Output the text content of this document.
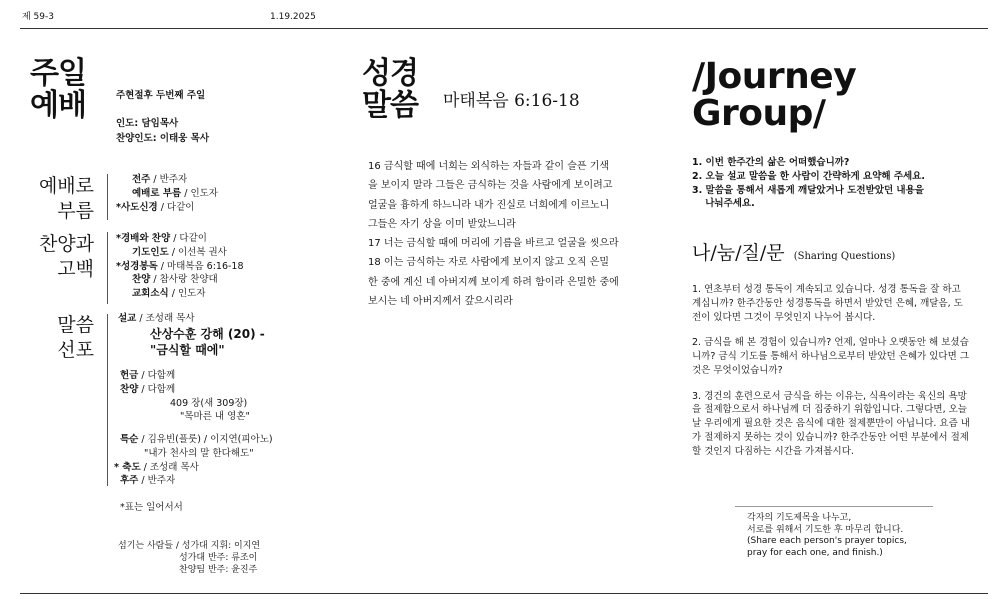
제 59-3	1.19.2025
주일
예배	주현절후 두번째 주일
인도: 담임목사
찬양인도: 이태웅 목사
예배로
부름
전주 / 반주자
예배로 부름 / 인도자
*사도신경 / 다같이
찬양과
고백
*경배와 찬양 / 다같이
기도인도 / 이선복 권사
*성경봉독 / 마태복음 6:16-18
찬양 / 참사랑 찬양대
교회소식 / 인도자
말씀
선포
설교 / 조성래 목사
산상수훈 강해 (20) -
"금식할 때에"
헌금 / 다함께
찬양 / 다함께
409 장(새 309장)
"목마른 내 영혼"
특순 / 김유빈(플룻) / 이지연(피아노)
"내가 천사의 말 한다해도"
* 축도 / 조성래 목사
후주 / 반주자
*표는 일어서서
섬기는 사람들 / 성가대 지휘: 이지연
성가대 반주: 류조이
찬양팀 반주: 윤진주
성경
말씀 마태복음 6:16-18

16 금식할 때에 너희는 외식하는 자들과 같이 슬픈 기색

을 보이지 말라 그들은 금식하는 것을 사람에게 보이려고

얼굴을 흉하게 하느니라 내가 진실로 너희에게 이르노니

그들은 자기 상을 이미 받았느니라

17 너는 금식할 때에 머리에 기름을 바르고 얼굴을 씻으라

18 이는 금식하는 자로 사람에게 보이지 않고 오직 은밀

한 중에 계신 네 아버지께 보이게 하려 함이라 은밀한 중에

보시는 네 아버지께서 갚으시리라

/Journey
Group/
1. 이번 한주간의 삶은 어떠했습니까?
2. 오늘 설교 말씀을 한 사람이 간략하게 요약해 주세요.
3. 말씀을 통해서 새롭게 깨달았거나 도전받았던 내용을
나눠주세요.
나/눔/질/문 (Sharing Questions)

1. 연초부터 성경 통독이 계속되고 있습니다. 성경 통독을 잘 하고 계십니까? 한주간동안 성경통독을 하면서 받았던 은혜, 깨달음, 도전이 있다면 그것이 무엇인지 나누어 봅시다.

2. 금식을 해 본 경험이 있습니까? 언제, 얼마나 오랫동안 해 보셨습니까? 금식 기도를 통해서 하나님으로부터 받았던 은혜가 있다면 그것은 무엇이었습니까?

3. 경건의 훈련으로서 금식을 하는 이유는, 식욕이라는 육신의 욕망을 절제함으로서 하나님께 더 집중하기 위함입니다. 그렇다면, 오늘날 우리에게 필요한 것은 음식에 대한 절제뿐만이 아닙니다. 요즘 내가 절제하지 못하는 것이 있습니까? 한주간동안 어떤 부분에서 절제할 것인지 다짐하는 시간을 가져봅시다.

각자의 기도제목을 나누고,
서로를 위해서 기도한 후 마무리 합니다.
(Share each person's prayer topics,
pray for each one, and finish.)
